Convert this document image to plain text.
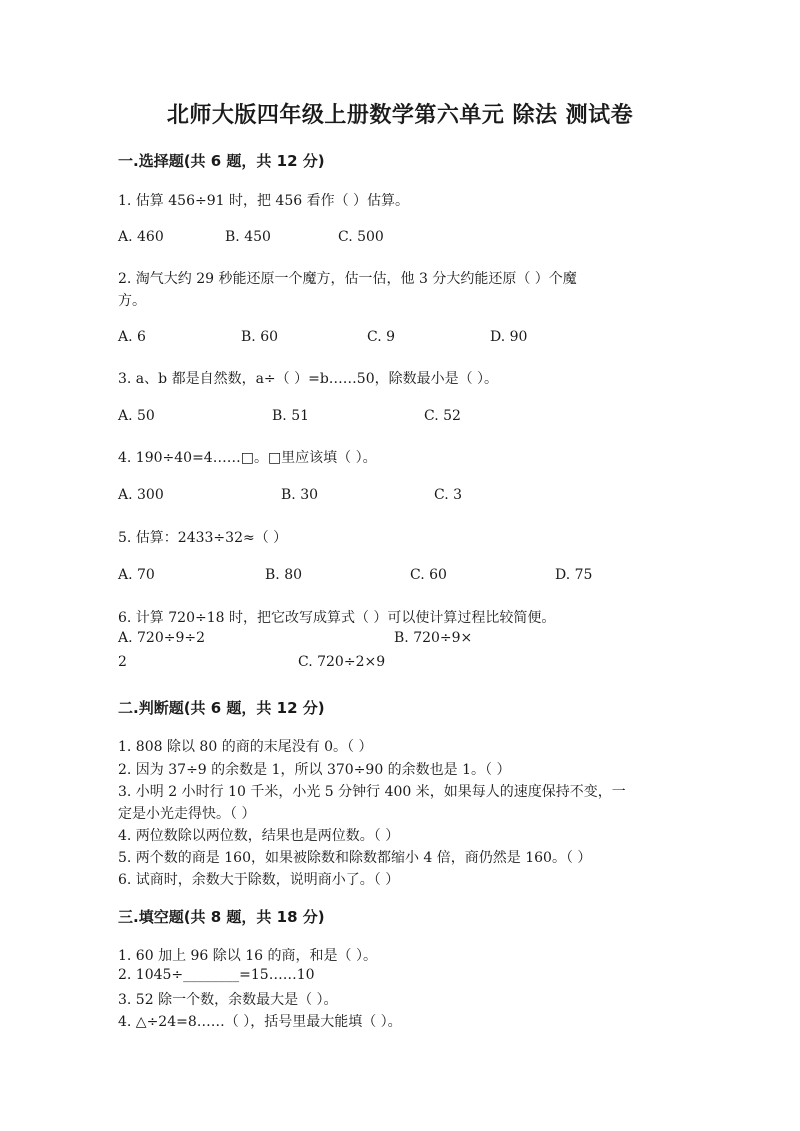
北师大版四年级上册数学第六单元 除法 测试卷
一.选择题(共 6 题，共 12 分)
1. 估算 456÷91 时，把 456 看作（ ）估算。
A. 460	B. 450	C. 500
2. 淘气大约 29 秒能还原一个魔方，估一估，他 3 分大约能还原（ ）个魔
方。
A. 6	B. 60	C. 9	D. 90
3. a、b 都是自然数，a÷（ ）=b……50，除数最小是（ ）。
A. 50	B. 51	C. 52
4. 190÷40=4……□。□里应该填（ ）。
A. 300	B. 30	C. 3
5. 估算：2433÷32≈（ ）
A. 70	B. 80	C. 60	D. 75
6. 计算 720÷18 时，把它改写成算式（ ）可以使计算过程比较简便。
A. 720÷9÷2	B. 720÷9×
2	C. 720÷2×9
二.判断题(共 6 题，共 12 分)
1. 808 除以 80 的商的末尾没有 0。（ ）
2. 因为 37÷9 的余数是 1，所以 370÷90 的余数也是 1。（ ）
3. 小明 2 小时行 10 千米，小光 5 分钟行 400 米，如果每人的速度保持不变，一
定是小光走得快。（ ）
4. 两位数除以两位数，结果也是两位数。（ ）
5. 两个数的商是 160，如果被除数和除数都缩小 4 倍，商仍然是 160。（ ）
6. 试商时，余数大于除数，说明商小了。（ ）
三.填空题(共 8 题，共 18 分)
1. 60 加上 96 除以 16 的商，和是（ ）。
2. 1045÷________=15……10
3. 52 除一个数，余数最大是（ ）。
4. △÷24=8……（ ），括号里最大能填（ ）。
